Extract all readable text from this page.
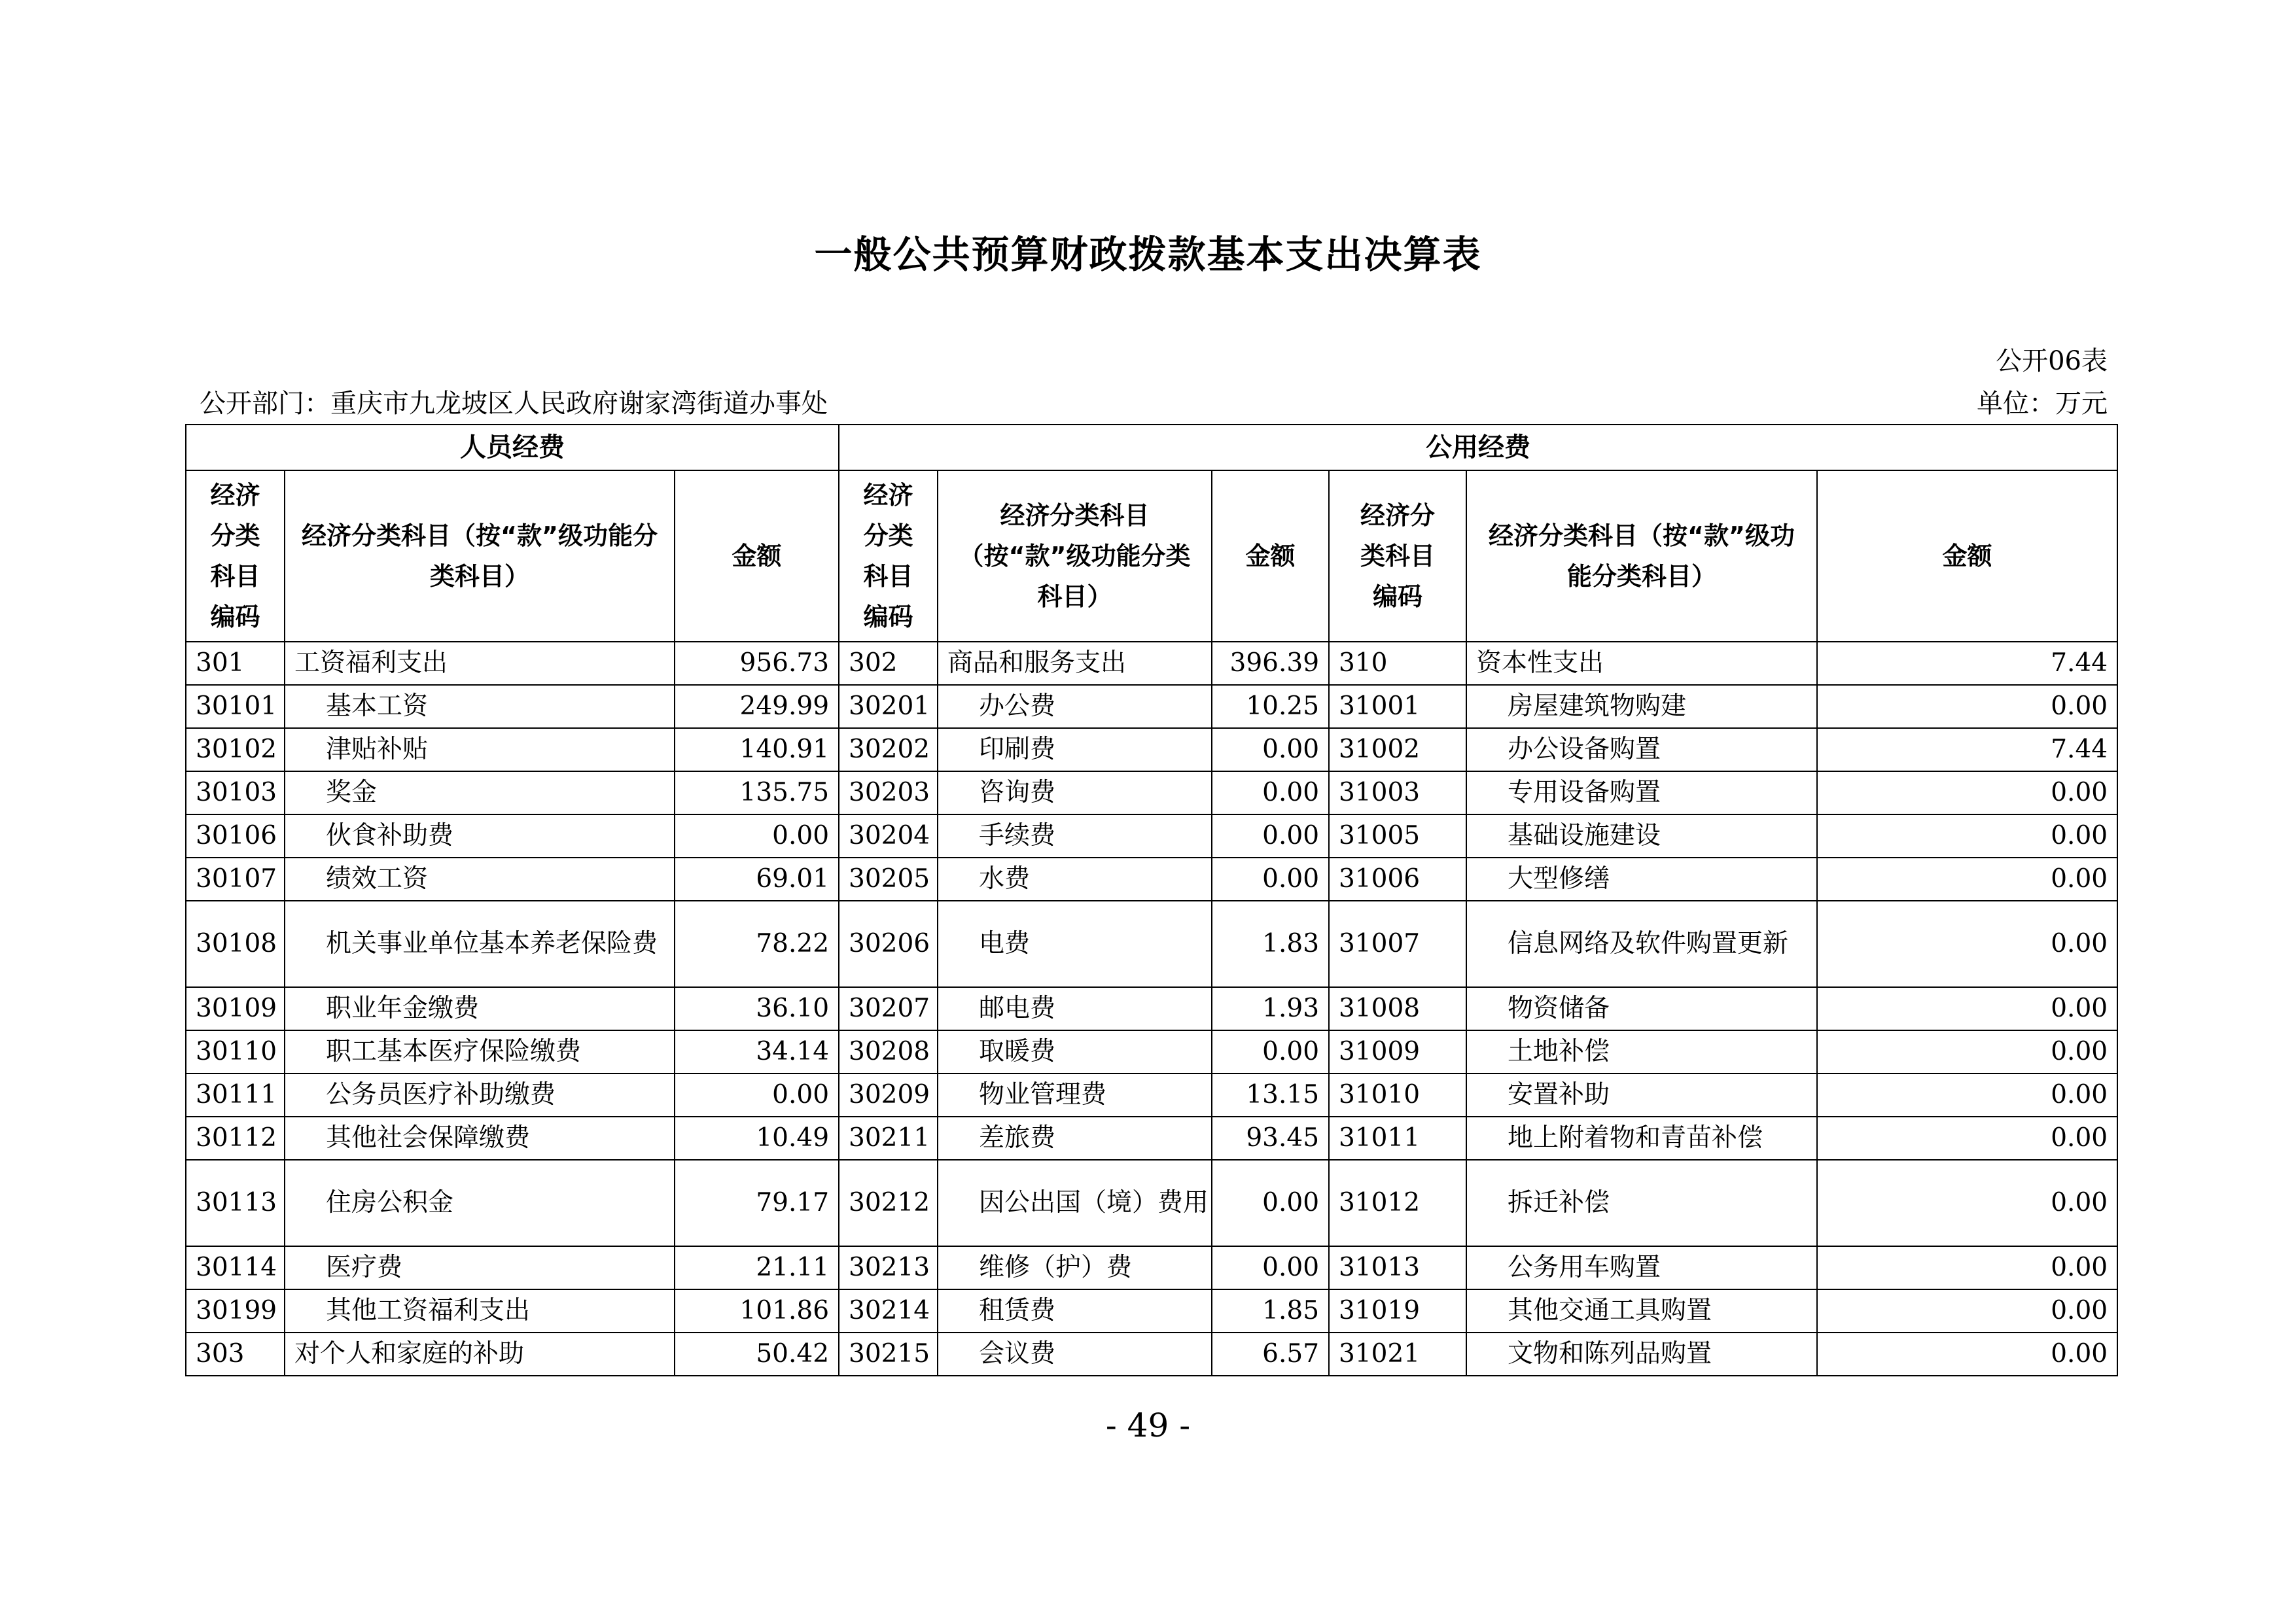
一般公共预算财政拨款基本支出决算表
公开06表
公开部门：重庆市九龙坡区人民政府谢家湾街道办事处	单位：万元
人员经费			公用经费					
经济分类科目编码	经济分类科目（按“款”级功能分类科目）	金额	经济分类科目编码	经济分类科目（按“款”级功能分类科目）	金额	经济分类科目编码	经济分类科目（按“款”级功能分类科目）	金额
301	工资福利支出	956.73	302	商品和服务支出	396.39	310	资本性支出	7.44
30101	基本工资	249.99	30201	办公费	10.25	31001	房屋建筑物购建	0.00
30102	津贴补贴	140.91	30202	印刷费	0.00	31002	办公设备购置	7.44
30103	奖金	135.75	30203	咨询费	0.00	31003	专用设备购置	0.00
30106	伙食补助费	0.00	30204	手续费	0.00	31005	基础设施建设	0.00
30107	绩效工资	69.01	30205	水费	0.00	31006	大型修缮	0.00
30108	机关事业单位基本养老保险费	78.22	30206	电费	1.83	31007	信息网络及软件购置更新	0.00
30109	职业年金缴费	36.10	30207	邮电费	1.93	31008	物资储备	0.00
30110	职工基本医疗保险缴费	34.14	30208	取暖费	0.00	31009	土地补偿	0.00
30111	公务员医疗补助缴费	0.00	30209	物业管理费	13.15	31010	安置补助	0.00
30112	其他社会保障缴费	10.49	30211	差旅费	93.45	31011	地上附着物和青苗补偿	0.00
30113	住房公积金	79.17	30212	因公出国（境）费用	0.00	31012	拆迁补偿	0.00
30114	医疗费	21.11	30213	维修（护）费	0.00	31013	公务用车购置	0.00
30199	其他工资福利支出	101.86	30214	租赁费	1.85	31019	其他交通工具购置	0.00
303	对个人和家庭的补助	50.42	30215	会议费	6.57	31021	文物和陈列品购置	0.00
- 49 -
